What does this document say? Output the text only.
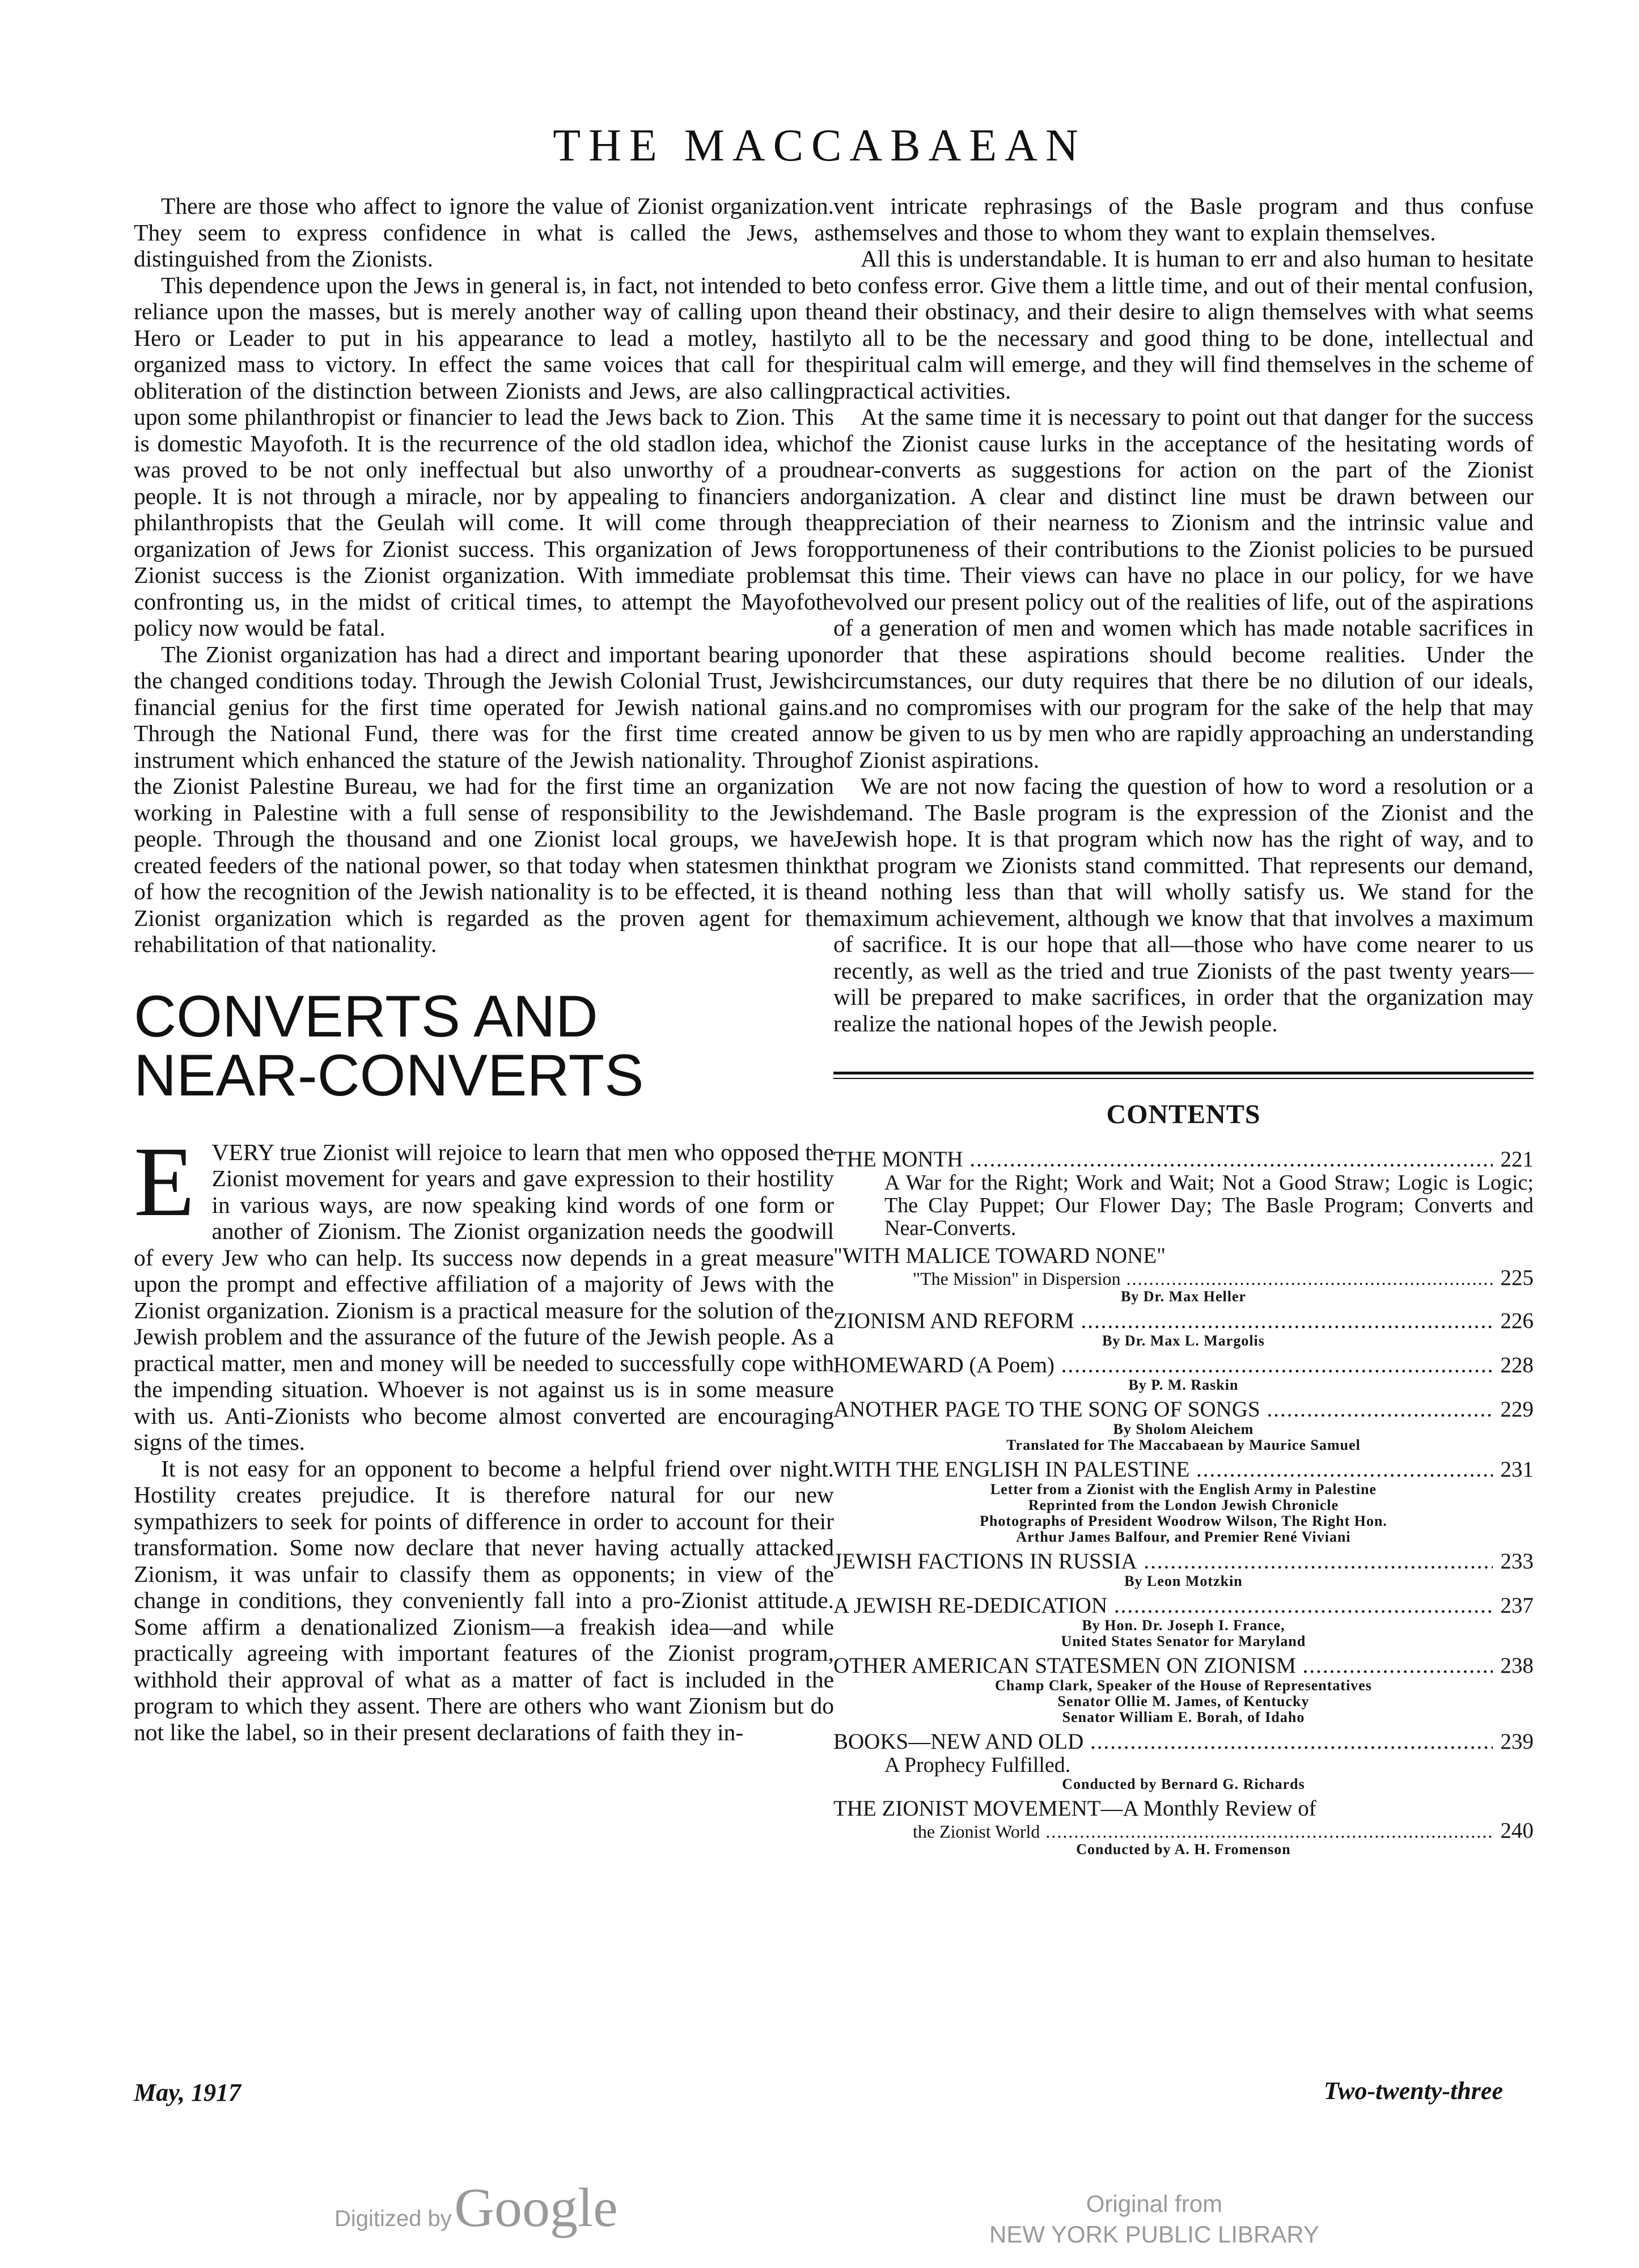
THE MACCABAEAN

There are those who affect to ignore the value of Zionist organization. They seem to express confidence in what is called the Jews, as distinguished from the Zionists.

This dependence upon the Jews in general is, in fact, not intended to be reliance upon the masses, but is merely another way of calling upon the Hero or Leader to put in his appearance to lead a motley, hastily organized mass to victory. In effect the same voices that call for the obliteration of the distinction between Zionists and Jews, are also calling upon some philanthropist or financier to lead the Jews back to Zion. This is domestic Mayofoth. It is the recurrence of the old stadlon idea, which was proved to be not only ineffectual but also unworthy of a proud people. It is not through a miracle, nor by appealing to financiers and philanthropists that the Geulah will come. It will come through the organization of Jews for Zionist success. This organization of Jews for Zionist success is the Zionist organization. With immediate problems confronting us, in the midst of critical times, to attempt the Mayofoth policy now would be fatal.

The Zionist organization has had a direct and important bearing upon the changed conditions today. Through the Jewish Colonial Trust, Jewish financial genius for the first time operated for Jewish national gains. Through the National Fund, there was for the first time created an instrument which enhanced the stature of the Jewish nationality. Through the Zionist Palestine Bureau, we had for the first time an organization working in Palestine with a full sense of responsibility to the Jewish people. Through the thousand and one Zionist local groups, we have created feeders of the national power, so that today when statesmen think of how the recognition of the Jewish nationality is to be effected, it is the Zionist organization which is regarded as the proven agent for the rehabilitation of that nationality.

CONVERTS AND
NEAR-CONVERTS

EVERY true Zionist will rejoice to learn that men who opposed the Zionist movement for years and gave expression to their hostility in various ways, are now speaking kind words of one form or another of Zionism. The Zionist organization needs the goodwill of every Jew who can help. Its success now depends in a great measure upon the prompt and effective affiliation of a majority of Jews with the Zionist organization. Zionism is a practical measure for the solution of the Jewish problem and the assurance of the future of the Jewish people. As a practical matter, men and money will be needed to successfully cope with the impending situation. Whoever is not against us is in some measure with us. Anti-Zionists who become almost converted are encouraging signs of the times.

It is not easy for an opponent to become a helpful friend over night. Hostility creates prejudice. It is therefore natural for our new sympathizers to seek for points of difference in order to account for their transformation. Some now declare that never having actually attacked Zionism, it was unfair to classify them as opponents; in view of the change in conditions, they conveniently fall into a pro-Zionist attitude. Some affirm a denationalized Zionism—a freakish idea—and while practically agreeing with important features of the Zionist program, withhold their approval of what as a matter of fact is included in the program to which they assent. There are others who want Zionism but do not like the label, so in their present declarations of faith they in-

vent intricate rephrasings of the Basle program and thus confuse themselves and those to whom they want to explain themselves.

All this is understandable. It is human to err and also human to hesitate to confess error. Give them a little time, and out of their mental confusion, and their obstinacy, and their desire to align themselves with what seems to all to be the necessary and good thing to be done, intellectual and spiritual calm will emerge, and they will find themselves in the scheme of practical activities.

At the same time it is necessary to point out that danger for the success of the Zionist cause lurks in the acceptance of the hesitating words of near-converts as suggestions for action on the part of the Zionist organization. A clear and distinct line must be drawn between our appreciation of their nearness to Zionism and the intrinsic value and opportuneness of their contributions to the Zionist policies to be pursued at this time. Their views can have no place in our policy, for we have evolved our present policy out of the realities of life, out of the aspirations of a generation of men and women which has made notable sacrifices in order that these aspirations should become realities. Under the circumstances, our duty requires that there be no dilution of our ideals, and no compromises with our program for the sake of the help that may now be given to us by men who are rapidly approaching an understanding of Zionist aspirations.

We are not now facing the question of how to word a resolution or a demand. The Basle program is the expression of the Zionist and the Jewish hope. It is that program which now has the right of way, and to that program we Zionists stand committed. That represents our demand, and nothing less than that will wholly satisfy us. We stand for the maximum achievement, although we know that that involves a maximum of sacrifice. It is our hope that all—those who have come nearer to us recently, as well as the tried and true Zionists of the past twenty years—will be prepared to make sacrifices, in order that the organization may realize the national hopes of the Jewish people.

CONTENTS
THE MONTH .....	221
A War for the Right; Work and Wait; Not a Good Straw; Logic is Logic; The Clay Puppet; Our Flower Day; The Basle Program; Converts and Near-Converts.
"WITH MALICE TOWARD NONE"
"The Mission" in Dispersion .....	225
By Dr. Max Heller
ZIONISM AND REFORM .....	226
By Dr. Max L. Margolis
HOMEWARD (A Poem) .....	228
By P. M. Raskin
ANOTHER PAGE TO THE SONG OF SONGS .....	229
By Sholom Aleichem
Translated for The Maccabaean by Maurice Samuel
WITH THE ENGLISH IN PALESTINE .....	231
Letter from a Zionist with the English Army in Palestine
Reprinted from the London Jewish Chronicle
Photographs of President Woodrow Wilson, The Right Hon.
Arthur James Balfour, and Premier René Viviani
JEWISH FACTIONS IN RUSSIA .....	233
By Leon Motzkin
A JEWISH RE-DEDICATION .....	237
By Hon. Dr. Joseph I. France,
United States Senator for Maryland
OTHER AMERICAN STATESMEN ON ZIONISM .....	238
Champ Clark, Speaker of the House of Representatives
Senator Ollie M. James, of Kentucky
Senator William E. Borah, of Idaho
BOOKS—NEW AND OLD .....	239
A Prophecy Fulfilled.
Conducted by Bernard G. Richards
THE ZIONIST MOVEMENT—A Monthly Review of
the Zionist World .....	240
Conducted by A. H. Fromenson
May, 1917	Two-twenty-three
Digitized by Google	Original from
NEW YORK PUBLIC LIBRARY
